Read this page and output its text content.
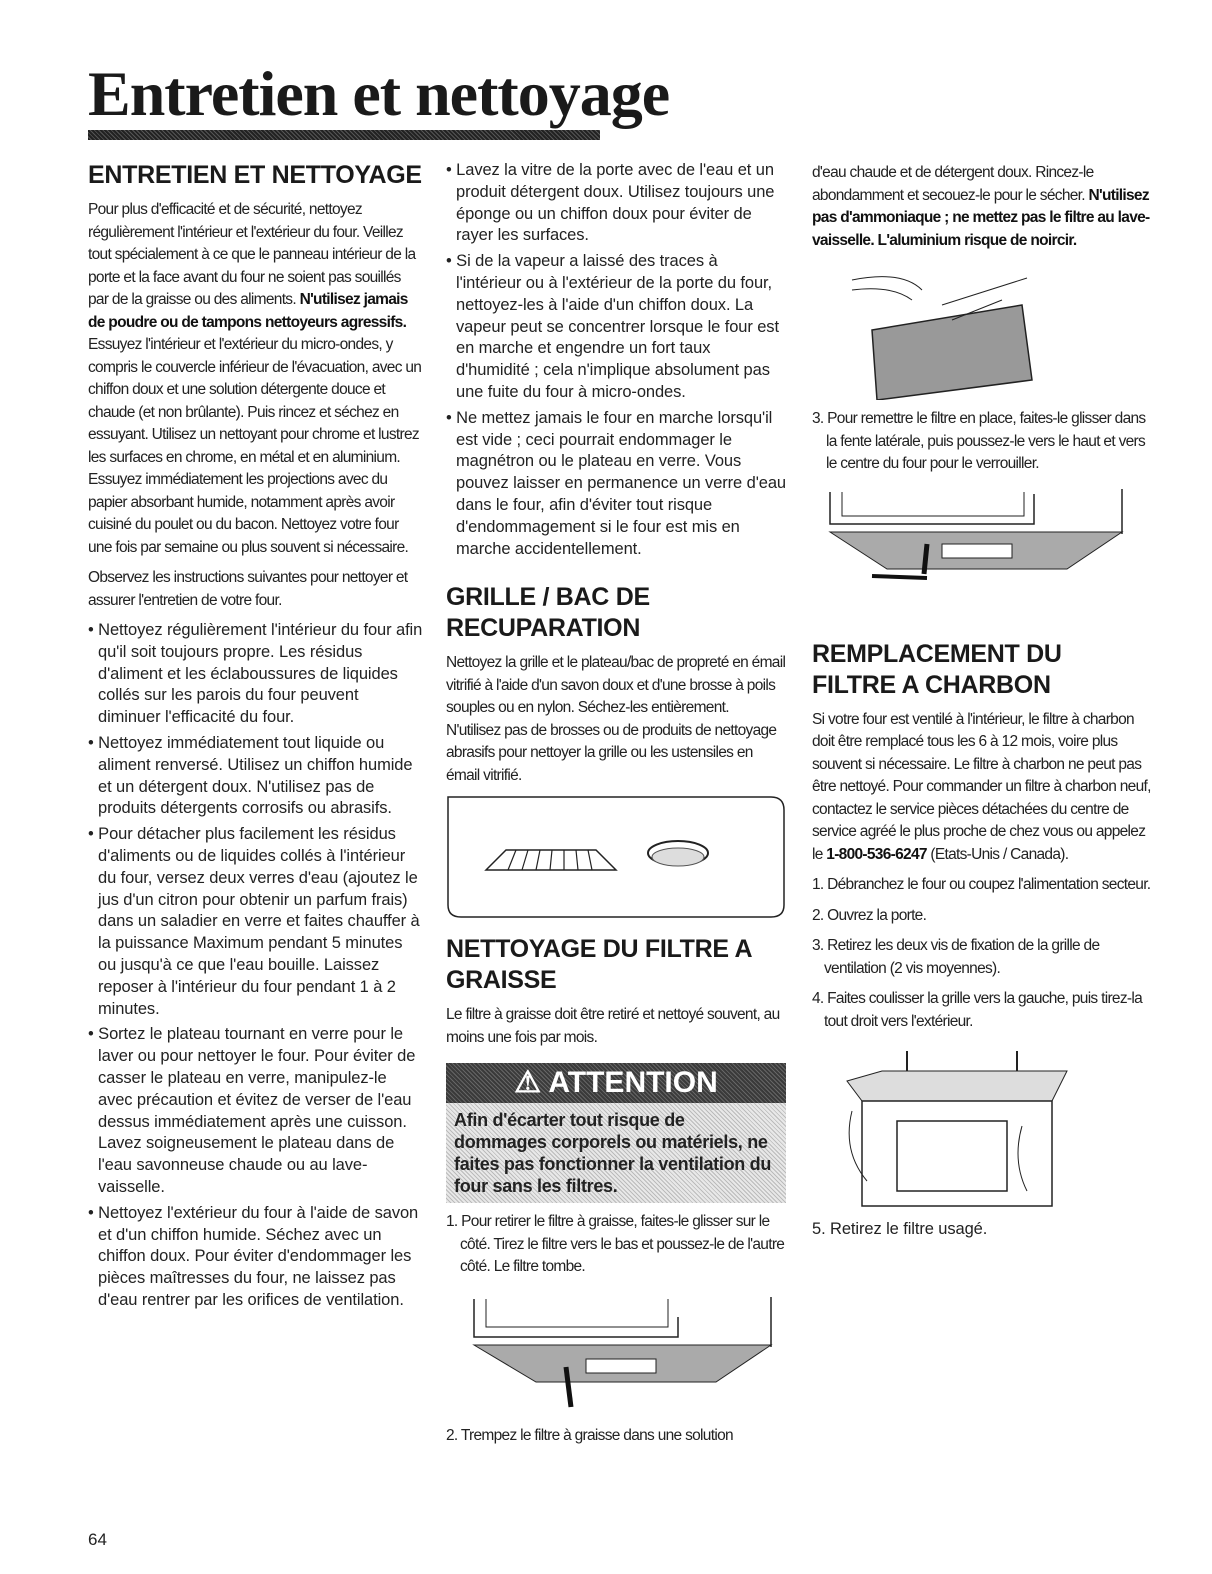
Entretien et nettoyage
ENTRETIEN ET NETTOYAGE

Pour plus d'efficacité et de sécurité, nettoyez régulièrement l'intérieur et l'extérieur du four. Veillez tout spécialement à ce que le panneau intérieur de la porte et la face avant du four ne soient pas souillés par de la graisse ou des aliments. N'utilisez jamais de poudre ou de tampons nettoyeurs agressifs. Essuyez l'intérieur et l'extérieur du micro-ondes, y compris le couvercle inférieur de l'évacuation, avec un chiffon doux et une solution détergente douce et chaude (et non brûlante). Puis rincez et séchez en essuyant. Utilisez un nettoyant pour chrome et lustrez les surfaces en chrome, en métal et en aluminium. Essuyez immédiatement les projections avec du papier absorbant humide, notamment après avoir cuisiné du poulet ou du bacon. Nettoyez votre four une fois par semaine ou plus souvent si nécessaire.

Observez les instructions suivantes pour nettoyer et assurer l'entretien de votre four.

• Nettoyez régulièrement l'intérieur du four afin qu'il soit toujours propre. Les résidus d'aliment et les éclaboussures de liquides collés sur les parois du four peuvent diminuer l'efficacité du four.
• Nettoyez immédiatement tout liquide ou aliment renversé. Utilisez un chiffon humide et un détergent doux. N'utilisez pas de produits détergents corrosifs ou abrasifs.
• Pour détacher plus facilement les résidus d'aliments ou de liquides collés à l'intérieur du four, versez deux verres d'eau (ajoutez le jus d'un citron pour obtenir un parfum frais) dans un saladier en verre et faites chauffer à la puissance Maximum pendant 5 minutes ou jusqu'à ce que l'eau bouille. Laissez reposer à l'intérieur du four pendant 1 à 2 minutes.
• Sortez le plateau tournant en verre pour le laver ou pour nettoyer le four. Pour éviter de casser le plateau en verre, manipulez-le avec précaution et évitez de verser de l'eau dessus immédiatement après une cuisson. Lavez soigneusement le plateau dans de l'eau savonneuse chaude ou au lave-vaisselle.
• Nettoyez l'extérieur du four à l'aide de savon et d'un chiffon humide. Séchez avec un chiffon doux. Pour éviter d'endommager les pièces maîtresses du four, ne laissez pas d'eau rentrer par les orifices de ventilation.
• Lavez la vitre de la porte avec de l'eau et un produit détergent doux. Utilisez toujours une éponge ou un chiffon doux pour éviter de rayer les surfaces.
• Si de la vapeur a laissé des traces à l'intérieur ou à l'extérieur de la porte du four, nettoyez-les à l'aide d'un chiffon doux. La vapeur peut se concentrer lorsque le four est en marche et engendre un fort taux d'humidité ; cela n'implique absolument pas une fuite du four à micro-ondes.
• Ne mettez jamais le four en marche lorsqu'il est vide ; ceci pourrait endommager le magnétron ou le plateau en verre. Vous pouvez laisser en permanence un verre d'eau dans le four, afin d'éviter tout risque d'endommagement si le four est mis en marche accidentellement.
GRILLE / BAC DE RECUPARATION

Nettoyez la grille et le plateau/bac de propreté en émail vitrifié à l'aide d'un savon doux et d'une brosse à poils souples ou en nylon. Séchez-les entièrement. N'utilisez pas de brosses ou de produits de nettoyage abrasifs pour nettoyer la grille ou les ustensiles en émail vitrifié.

NETTOYAGE DU FILTRE A GRAISSE

Le filtre à graisse doit être retiré et nettoyé souvent, au moins une fois par mois.

⚠ ATTENTION
Afin d'écarter tout risque de dommages corporels ou matériels, ne faites pas fonctionner la ventilation du four sans les filtres.

1. Pour retirer le filtre à graisse, faites-le glisser sur le côté. Tirez le filtre vers le bas et poussez-le de l'autre côté. Le filtre tombe.

2. Trempez le filtre à graisse dans une solution

d'eau chaude et de détergent doux. Rincez-le abondamment et secouez-le pour le sécher. N'utilisez pas d'ammoniaque ; ne mettez pas le filtre au lave-vaisselle. L'aluminium risque de noircir.

3. Pour remettre le filtre en place, faites-le glisser dans la fente latérale, puis poussez-le vers le haut et vers le centre du four pour le verrouiller.

REMPLACEMENT DU FILTRE A CHARBON

Si votre four est ventilé à l'intérieur, le filtre à charbon doit être remplacé tous les 6 à 12 mois, voire plus souvent si nécessaire. Le filtre à charbon ne peut pas être nettoyé. Pour commander un filtre à charbon neuf, contactez le service pièces détachées du centre de service agréé le plus proche de chez vous ou appelez le 1-800-536-6247 (Etats-Unis / Canada).

1. Débranchez le four ou coupez l'alimentation secteur.
2. Ouvrez la porte.
3. Retirez les deux vis de fixation de la grille de ventilation (2 vis moyennes).
4. Faites coulisser la grille vers la gauche, puis tirez-la tout droit vers l'extérieur.

5. Retirez le filtre usagé.

64
